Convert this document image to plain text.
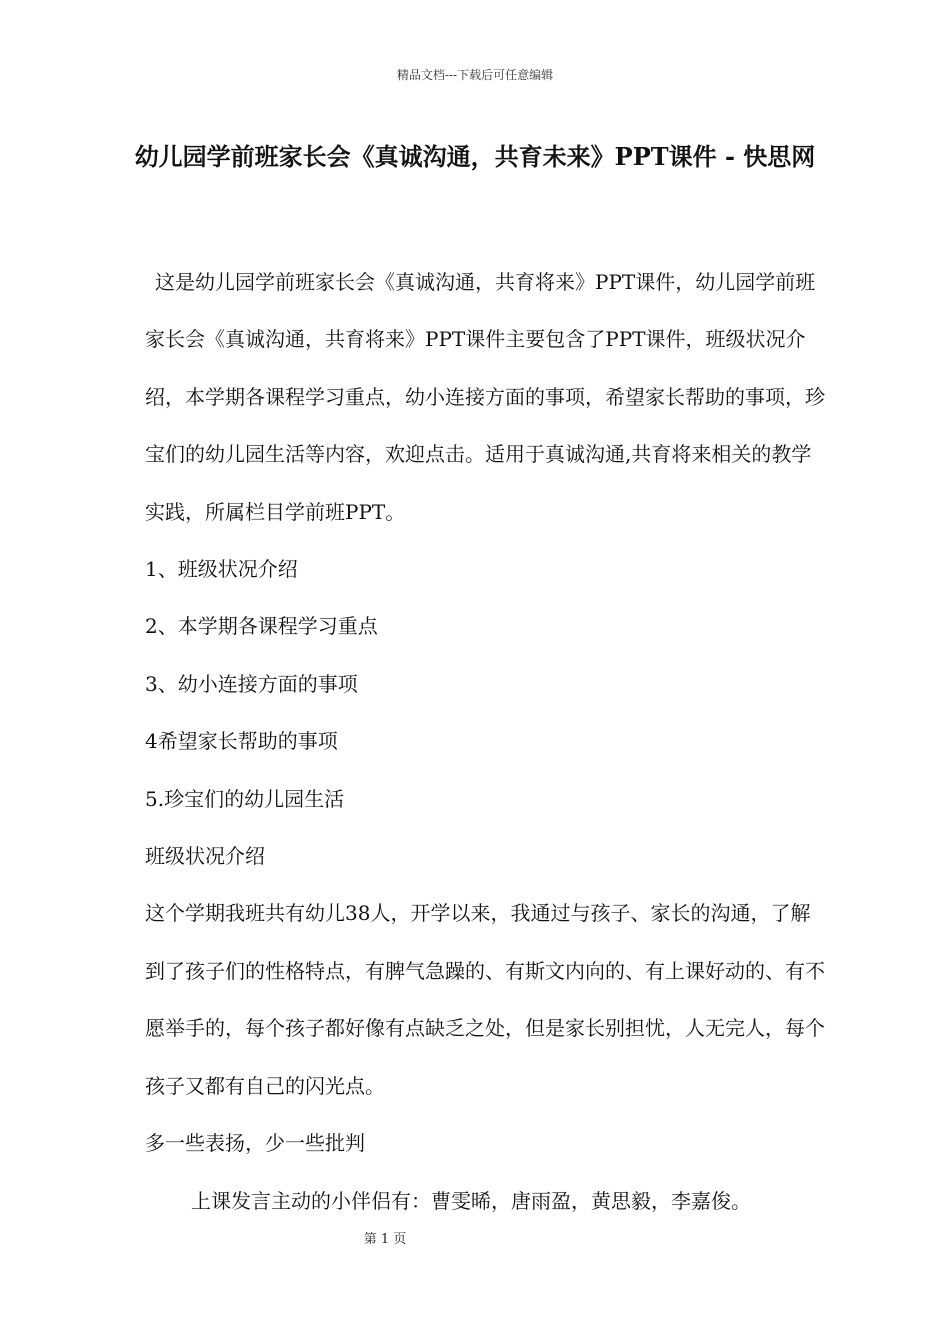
精品文档---下载后可任意编辑
幼儿园学前班家长会《真诚沟通，共育未来》PPT课件 - 快思网

这是幼儿园学前班家长会《真诚沟通，共育将来》PPT课件，幼儿园学前班家长会《真诚沟通，共育将来》PPT课件主要包含了PPT课件，班级状况介绍，本学期各课程学习重点，幼小连接方面的事项，希望家长帮助的事项，珍宝们的幼儿园生活等内容，欢迎点击。适用于真诚沟通,共育将来相关的教学实践，所属栏目学前班PPT。

1、班级状况介绍

2、本学期各课程学习重点

3、幼小连接方面的事项

4希望家长帮助的事项

5.珍宝们的幼儿园生活

班级状况介绍

这个学期我班共有幼儿38人，开学以来，我通过与孩子、家长的沟通，了解到了孩子们的性格特点，有脾气急躁的、有斯文内向的、有上课好动的、有不愿举手的，每个孩子都好像有点缺乏之处，但是家长别担忧，人无完人，每个孩子又都有自己的闪光点。

多一些表扬，少一些批判

上课发言主动的小伴侣有：曹雯晞，唐雨盈，黄思毅，李嘉俊。

第 1 页
